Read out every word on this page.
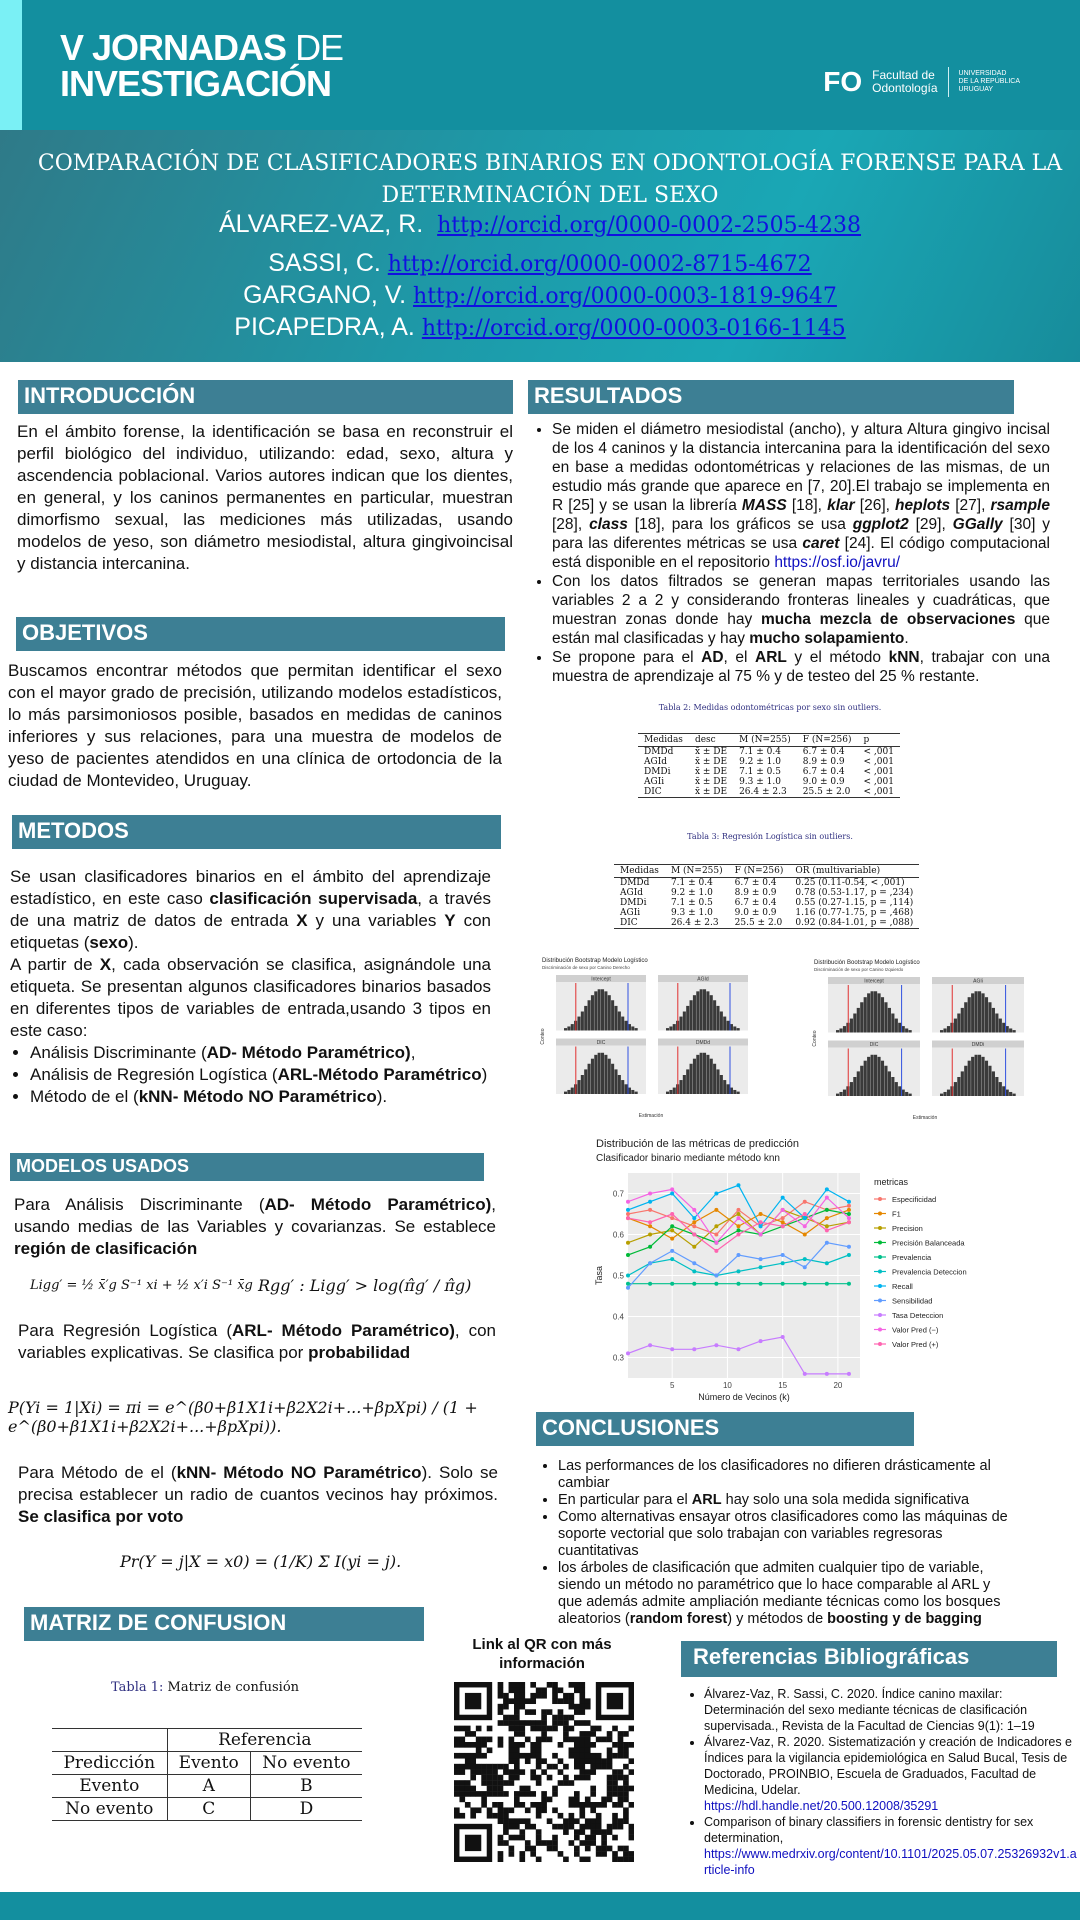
V JORNADAS DE
INVESTIGACIÓN	FO Facultad de
Odontología
UNIVERSIDAD
DE LA REPÚBLICA
URUGUAY
COMPARACIÓN DE CLASIFICADORES BINARIOS EN ODONTOLOGÍA FORENSE PARA LA DETERMINACIÓN DEL SEXO
ÁLVAREZ-VAZ, R. http://orcid.org/0000-0002-2505-4238
SASSI, C. http://orcid.org/0000-0002-8715-4672
GARGANO, V. http://orcid.org/0000-0003-1819-9647
PICAPEDRA, A. http://orcid.org/0000-0003-0166-1145
INTRODUCCIÓN
En el ámbito forense, la identificación se basa en reconstruir el perfil biológico del individuo, utilizando: edad, sexo, altura y ascendencia poblacional. Varios autores indican que los dientes, en general, y los caninos permanentes en particular, muestran dimorfismo sexual, las mediciones más utilizadas, usando modelos de yeso, son diámetro mesiodistal, altura gingivoincisal y distancia intercanina.
OBJETIVOS
Buscamos encontrar métodos que permitan identificar el sexo con el mayor grado de precisión, utilizando modelos estadísticos, lo más parsimoniosos posible, basados en medidas de caninos inferiores y sus relaciones, para una muestra de modelos de yeso de pacientes atendidos en una clínica de ortodoncia de la ciudad de Montevideo, Uruguay.
METODOS
Se usan clasificadores binarios en el ámbito del aprendizaje estadístico, en este caso clasificación supervisada, a través de una matriz de datos de entrada X y una variables Y con etiquetas (sexo).
A partir de X, cada observación se clasifica, asignándole una etiqueta. Se presentan algunos clasificadores binarios basados en diferentes tipos de variables de entrada,usando 3 tipos en este caso:
• Análisis Discriminante (AD- Método Paramétrico),
• Análisis de Regresión Logística (ARL-Método Paramétrico)
• Método de el (kNN- Método NO Paramétrico).
MODELOS USADOS
Para Análisis Discriminante (AD- Método Paramétrico), usando medias de las Variables y covarianzas. Se establece región de clasificación
Ligg′ = ½ x̄′g S⁻¹ xi + ½ x′i S⁻¹ x̄g Rgg′ : Ligg′ > log(π̂g′ / π̂g)
Para Regresión Logística (ARL- Método Paramétrico), con variables explicativas. Se clasifica por probabilidad
P(Yi = 1|Xi) = πi = e^(β0+β1X1i+β2X2i+...+βpXpi) / (1 + e^(β0+β1X1i+β2X2i+...+βpXpi)).
Para Método de el (kNN- Método NO Paramétrico). Solo se precisa establecer un radio de cuantos vecinos hay próximos. Se clasifica por voto
Pr(Y = j|X = x0) = (1/K) Σ I(yi = j).
MATRIZ DE CONFUSION
Tabla 1: Matriz de confusión
	Referencia	
Predicción	Evento	No evento
Evento	A	B
No evento	C	D
Link al QR con más información
RESULTADOS
• Se miden el diámetro mesiodistal (ancho), y altura Altura gingivo incisal de los 4 caninos y la distancia intercanina para la identificación del sexo en base a medidas odontométricas y relaciones de las mismas, de un estudio más grande que aparece en [7, 20].El trabajo se implementa en R [25] y se usan la librería MASS [18], klar [26], heplots [27], rsample [28], class [18], para los gráficos se usa ggplot2 [29], GGally [30] y para las diferentes métricas se usa caret [24]. El código computacional está disponible en el repositorio https://osf.io/javru/
• Con los datos filtrados se generan mapas territoriales usando las variables 2 a 2 y considerando fronteras lineales y cuadráticas, que muestran zonas donde hay mucha mezcla de observaciones que están mal clasificadas y hay mucho solapamiento.
• Se propone para el AD, el ARL y el método kNN, trabajar con una muestra de aprendizaje al 75 % y de testeo del 25 % restante.
Tabla 2: Medidas odontométricas por sexo sin outliers.
Medidas	desc	M (N=255)	F (N=256)	p
DMDd	x̄ ± DE	7.1 ± 0.4	6.7 ± 0.4	< ,001
AGId	x̄ ± DE	9.2 ± 1.0	8.9 ± 0.9	< ,001
DMDi	x̄ ± DE	7.1 ± 0.5	6.7 ± 0.4	< ,001
AGIi	x̄ ± DE	9.3 ± 1.0	9.0 ± 0.9	< ,001
DIC	x̄ ± DE	26.4 ± 2.3	25.5 ± 2.0	< ,001
Tabla 3: Regresión Logística sin outliers.
Medidas	M (N=255)	F (N=256)	OR (multivariable)
DMDd	7.1 ± 0.4	6.7 ± 0.4	0.25 (0.11-0.54, < ,001)
AGId	9.2 ± 1.0	8.9 ± 0.9	0.78 (0.53-1.17, p = ,234)
DMDi	7.1 ± 0.5	6.7 ± 0.4	0.55 (0.27-1.15, p = ,114)
AGIi	9.3 ± 1.0	9.0 ± 0.9	1.16 (0.77-1.75, p = ,468)
DIC	26.4 ± 2.3	25.5 ± 2.0	0.92 (0.84-1.01, p = ,088)
Distribución Bootstrap Modelo Logístico
Discriminación de sexo por Canino Derecho
Conteo
Estimación
Intercept	AGId
DIC	DMDd
Distribución Bootstrap Modelo Logístico
Discriminación de sexo por Canino Izquierdo
Conteo
Estimación
Intercept	AGIi
DIC	DMDi
Distribución de las métricas de predicción
Clasificador binario mediante método knn
0.3
0.4
0.5
0.6
0.7
5	10	15	20
Número de Vecinos (k)
Tasa
metricas
Especificidad
F1
Precision
Precisión Balanceada
Prevalencia
Prevalencia Deteccion
Recall
Sensibilidad
Tasa Deteccion
Valor Pred (−)
Valor Pred (+)
CONCLUSIONES
• Las performances de los clasificadores no difieren drásticamente al cambiar
• En particular para el ARL hay solo una sola medida significativa
• Como alternativas ensayar otros clasificadores como las máquinas de soporte vectorial que solo trabajan con variables regresoras cuantitativas
• los árboles de clasificación que admiten cualquier tipo de variable, siendo un método no paramétrico que lo hace comparable al ARL y que además admite ampliación mediante técnicas como los bosques aleatorios (random forest) y métodos de boosting y de bagging
Referencias Bibliográficas
• Álvarez-Vaz, R. Sassi, C. 2020. Índice canino maxilar: Determinación del sexo mediante técnicas de clasificación supervisada., Revista de la Facultad de Ciencias 9(1): 1–19
• Álvarez-Vaz, R. 2020. Sistematización y creación de Indicadores e Índices para la vigilancia epidemiológica en Salud Bucal, Tesis de Doctorado, PROINBIO, Escuela de Graduados, Facultad de Medicina, Udelar.
https://hdl.handle.net/20.500.12008/35291
• Comparison of binary classifiers in forensic dentistry for sex determination,
https://www.medrxiv.org/content/10.1101/2025.05.07.25326932v1.article-info
